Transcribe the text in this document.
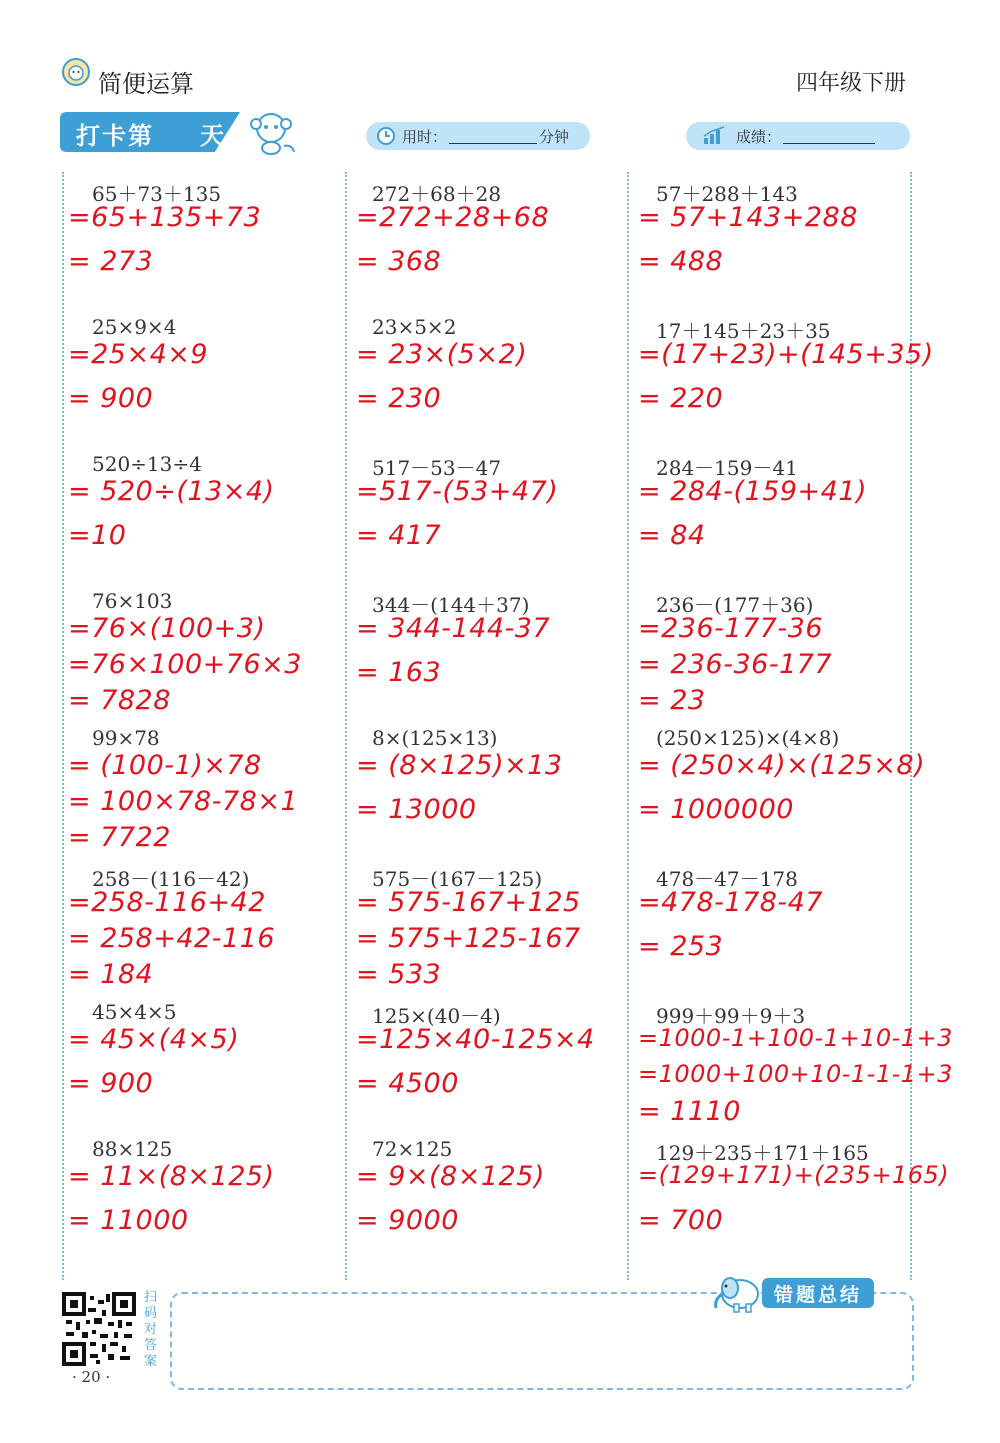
简便运算	四年级下册
打卡第 天	用时：	分钟	成绩：
65＋73＋135
=65+135+73
= 273
25×9×4
=25×4×9
= 900
520÷13÷4
= 520÷(13×4)
=10
76×103
=76×(100+3)
=76×100+76×3
= 7828
99×78
= (100-1)×78
= 100×78-78×1
= 7722
258－(116－42)
=258-116+42
= 258+42-116
= 184
45×4×5
= 45×(4×5)
= 900
88×125
= 11×(8×125)
= 11000
272＋68＋28
=272+28+68
= 368
23×5×2
= 23×(5×2)
= 230
517－53－47
=517-(53+47)
= 417
344－(144＋37)
= 344-144-37
= 163
8×(125×13)
= (8×125)×13
= 13000
575－(167－125)
= 575-167+125
= 575+125-167
= 533
125×(40－4)
=125×40-125×4
= 4500
72×125
= 9×(8×125)
= 9000
57＋288＋143
= 57+143+288
= 488
17＋145＋23＋35
=(17+23)+(145+35)
= 220
284－159－41
= 284-(159+41)
= 84
236－(177＋36)
=236-177-36
= 236-36-177
= 23
(250×125)×(4×8)
= (250×4)×(125×8)
= 1000000
478－47－178
=478-178-47
= 253
999＋99＋9＋3
=1000-1+100-1+10-1+3
=1000+100+10-1-1-1+3
= 1110
129＋235＋171＋165
=(129+171)+(235+165)
= 700
扫码对答案
· 20 ·
错题总结
